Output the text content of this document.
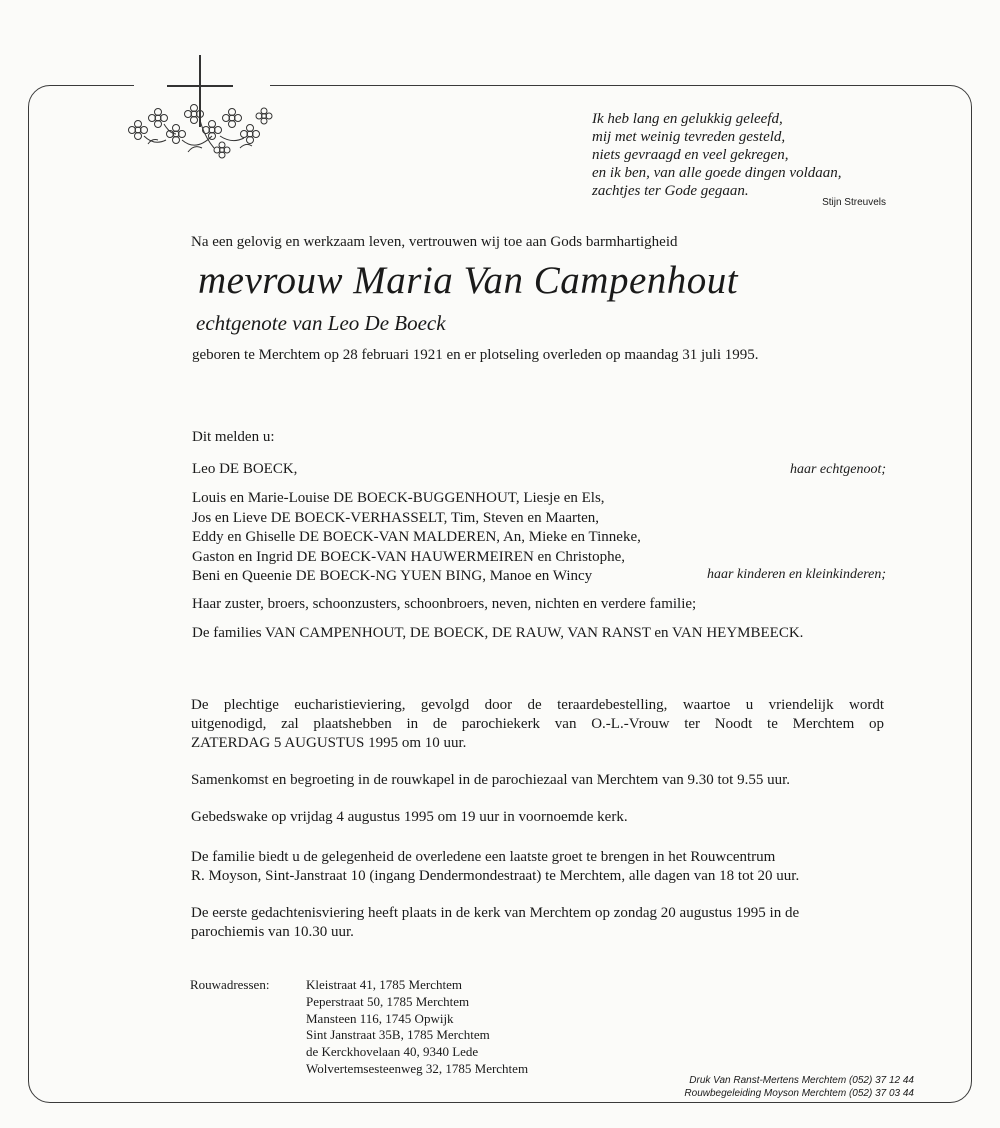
Ik heb lang en gelukkig geleefd,
mij met weinig tevreden gesteld,
niets gevraagd en veel gekregen,
en ik ben, van alle goede dingen voldaan,
zachtjes ter Gode gegaan.
Stijn Streuvels
Na een gelovig en werkzaam leven, vertrouwen wij toe aan Gods barmhartigheid
mevrouw Maria Van Campenhout
echtgenote van Leo De Boeck
geboren te Merchtem op 28 februari 1921 en er plotseling overleden op maandag 31 juli 1995.
Dit melden u:
Leo DE BOECK,	haar echtgenoot;
Louis en Marie-Louise DE BOECK-BUGGENHOUT, Liesje en Els,
Jos en Lieve DE BOECK-VERHASSELT, Tim, Steven en Maarten,
Eddy en Ghiselle DE BOECK-VAN MALDEREN, An, Mieke en Tinneke,
Gaston en Ingrid DE BOECK-VAN HAUWERMEIREN en Christophe,
Beni en Queenie DE BOECK-NG YUEN BING, Manoe en Wincy	haar kinderen en kleinkinderen;
Haar zuster, broers, schoonzusters, schoonbroers, neven, nichten en verdere familie;
De families VAN CAMPENHOUT, DE BOECK, DE RAUW, VAN RANST en VAN HEYMBEECK.
De plechtige eucharistieviering, gevolgd door de teraardebestelling, waartoe u vriendelijk wordt
uitgenodigd, zal plaatshebben in de parochiekerk van O.-L.-Vrouw ter Noodt te Merchtem op
ZATERDAG 5 AUGUSTUS 1995 om 10 uur.
Samenkomst en begroeting in de rouwkapel in de parochiezaal van Merchtem van 9.30 tot 9.55 uur.
Gebedswake op vrijdag 4 augustus 1995 om 19 uur in voornoemde kerk.
De familie biedt u de gelegenheid de overledene een laatste groet te brengen in het Rouwcentrum
R. Moyson, Sint-Janstraat 10 (ingang Dendermondestraat) te Merchtem, alle dagen van 18 tot 20 uur.
De eerste gedachtenisviering heeft plaats in de kerk van Merchtem op zondag 20 augustus 1995 in de
parochiemis van 10.30 uur.
Rouwadressen:	Kleistraat 41, 1785 Merchtem
Peperstraat 50, 1785 Merchtem
Mansteen 116, 1745 Opwijk
Sint Janstraat 35B, 1785 Merchtem
de Kerckhovelaan 40, 9340 Lede
Wolvertemsesteenweg 32, 1785 Merchtem
Druk Van Ranst-Mertens Merchtem (052) 37 12 44
Rouwbegeleiding Moyson Merchtem (052) 37 03 44
